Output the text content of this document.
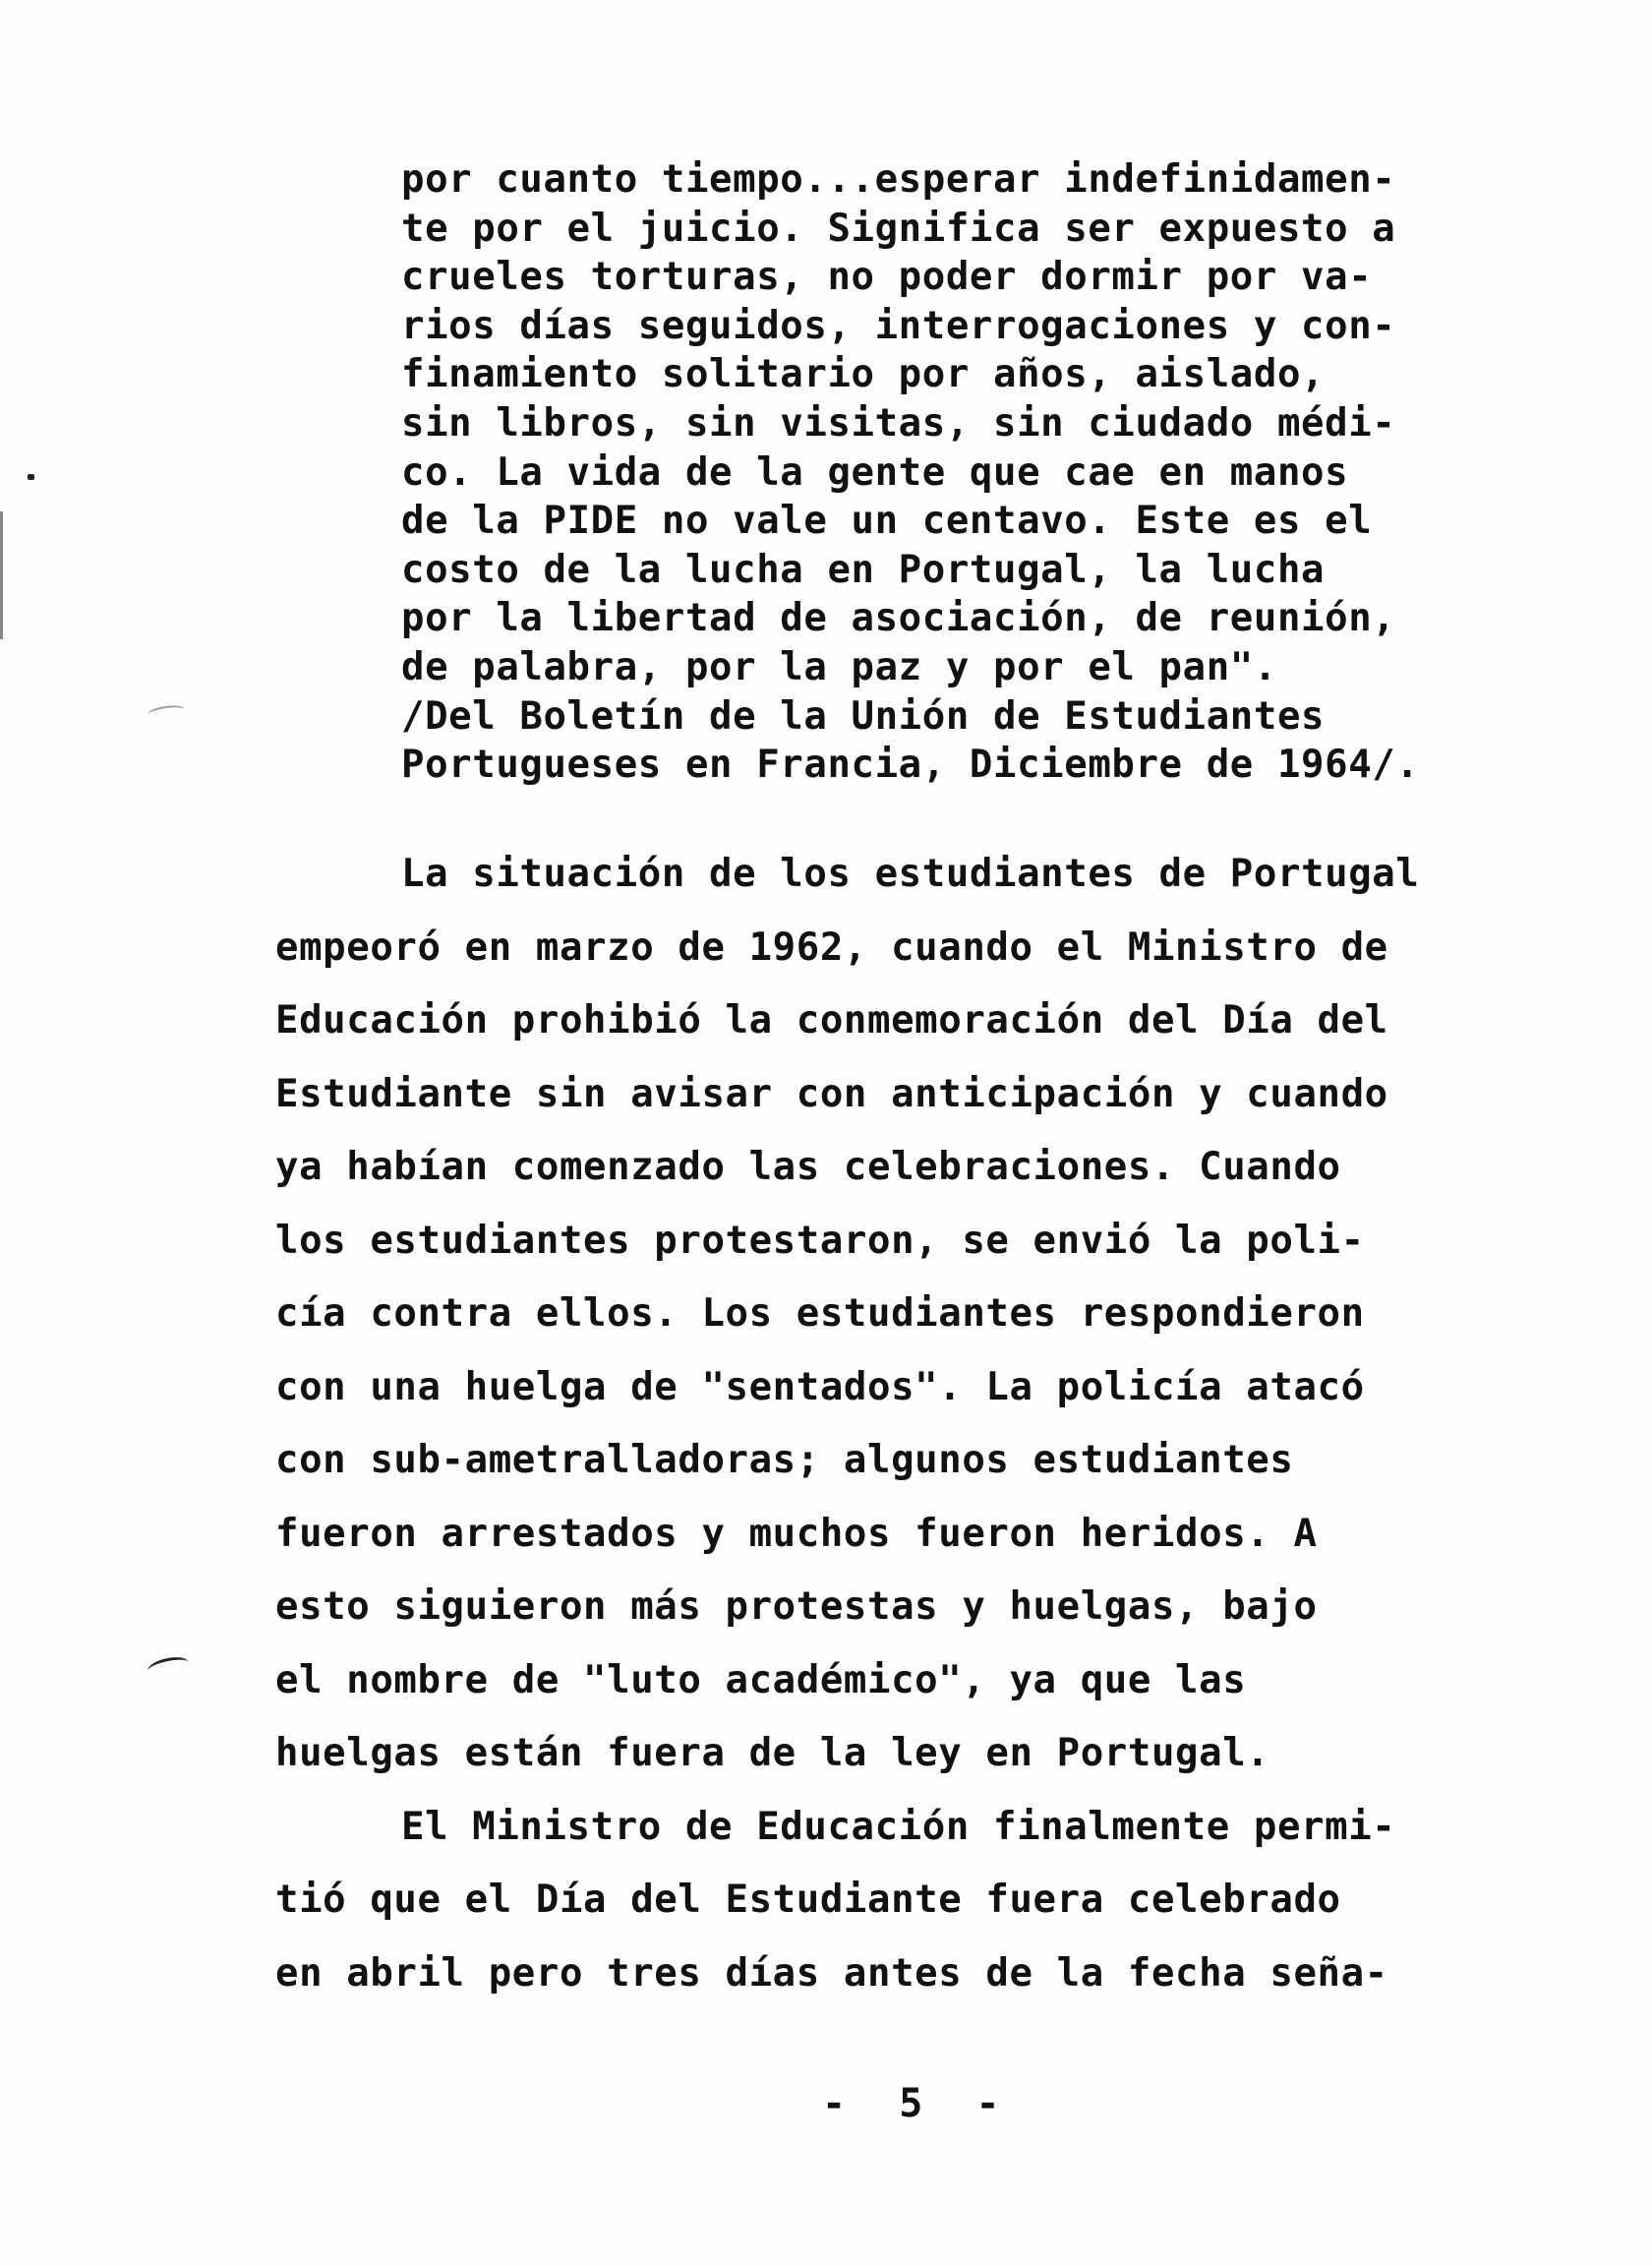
por cuanto tiempo...esperar indefinidamen-
te por el juicio. Significa ser expuesto a
crueles torturas, no poder dormir por va-
rios días seguidos, interrogaciones y con-
finamiento solitario por años, aislado,
sin libros, sin visitas, sin ciudado médi-
co. La vida de la gente que cae en manos
de la PIDE no vale un centavo. Este es el
costo de la lucha en Portugal, la lucha
por la libertad de asociación, de reunión,
de palabra, por la paz y por el pan".
/Del Boletín de la Unión de Estudiantes
Portugueses en Francia, Diciembre de 1964/.
La situación de los estudiantes de Portugal
empeoró en marzo de 1962, cuando el Ministro de
Educación prohibió la conmemoración del Día del
Estudiante sin avisar con anticipación y cuando
ya habían comenzado las celebraciones. Cuando
los estudiantes protestaron, se envió la poli-
cía contra ellos. Los estudiantes respondieron
con una huelga de "sentados". La policía atacó
con sub-ametralladoras; algunos estudiantes
fueron arrestados y muchos fueron heridos. A
esto siguieron más protestas y huelgas, bajo
el nombre de "luto académico", ya que las
huelgas están fuera de la ley en Portugal.
El Ministro de Educación finalmente permi-
tió que el Día del Estudiante fuera celebrado
en abril pero tres días antes de la fecha seña-
-  5  -
